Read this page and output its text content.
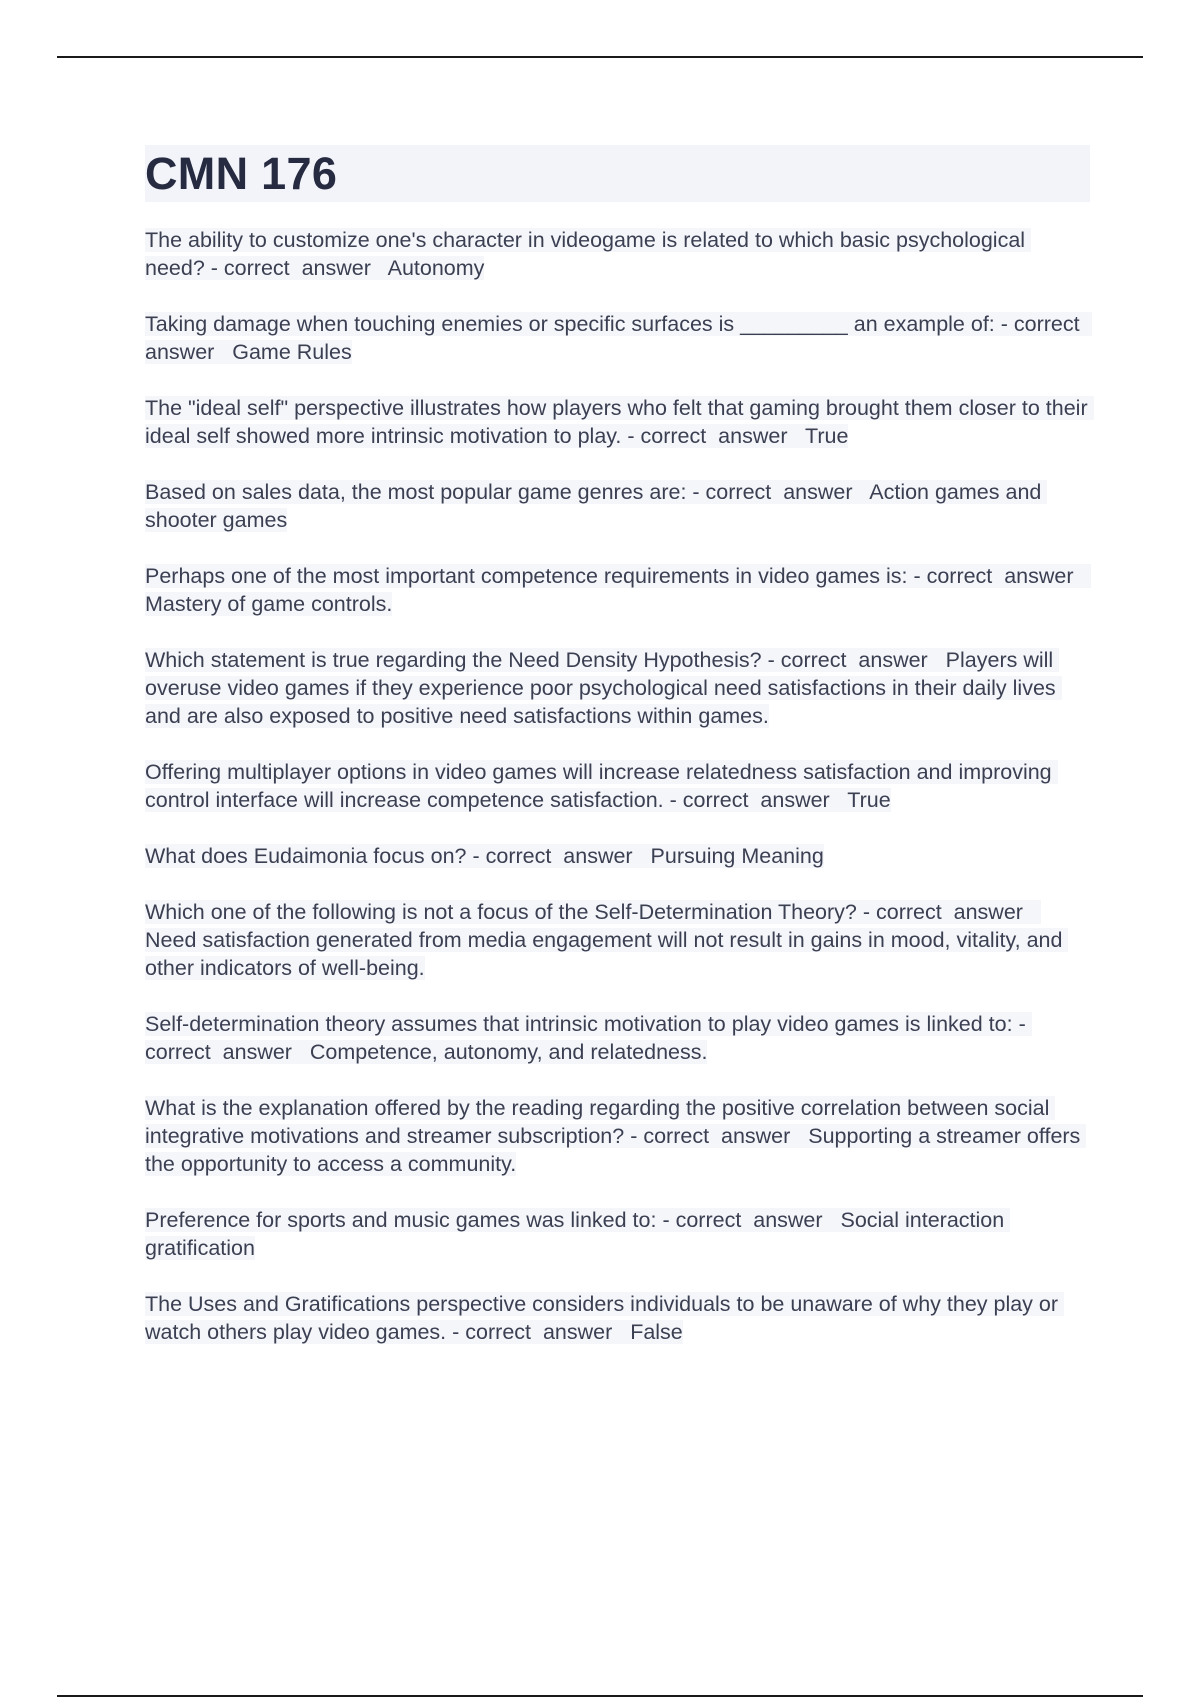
CMN 176

The ability to customize one's character in videogame is related to which basic psychological need? - correct  answer Autonomy

Taking damage when touching enemies or specific surfaces is _________ an example of: - correct  answer Game Rules

The "ideal self" perspective illustrates how players who felt that gaming brought them closer to their ideal self showed more intrinsic motivation to play. - correct  answer True

Based on sales data, the most popular game genres are: - correct  answer Action games and shooter games

Perhaps one of the most important competence requirements in video games is: - correct  answer   Mastery of game controls.

Which statement is true regarding the Need Density Hypothesis? - correct  answer Players will overuse video games if they experience poor psychological need satisfactions in their daily lives and are also exposed to positive need satisfactions within games.

Offering multiplayer options in video games will increase relatedness satisfaction and improving control interface will increase competence satisfaction. - correct  answer True

What does Eudaimonia focus on? - correct  answer Pursuing Meaning

Which one of the following is not a focus of the Self-Determination Theory? - correct  answer   Need satisfaction generated from media engagement will not result in gains in mood, vitality, and other indicators of well-being.

Self-determination theory assumes that intrinsic motivation to play video games is linked to: - correct  answer Competence, autonomy, and relatedness.

What is the explanation offered by the reading regarding the positive correlation between social integrative motivations and streamer subscription? - correct  answer Supporting a streamer offers the opportunity to access a community.

Preference for sports and music games was linked to: - correct  answer Social interaction gratification

The Uses and Gratifications perspective considers individuals to be unaware of why they play or watch others play video games. - correct  answer False
